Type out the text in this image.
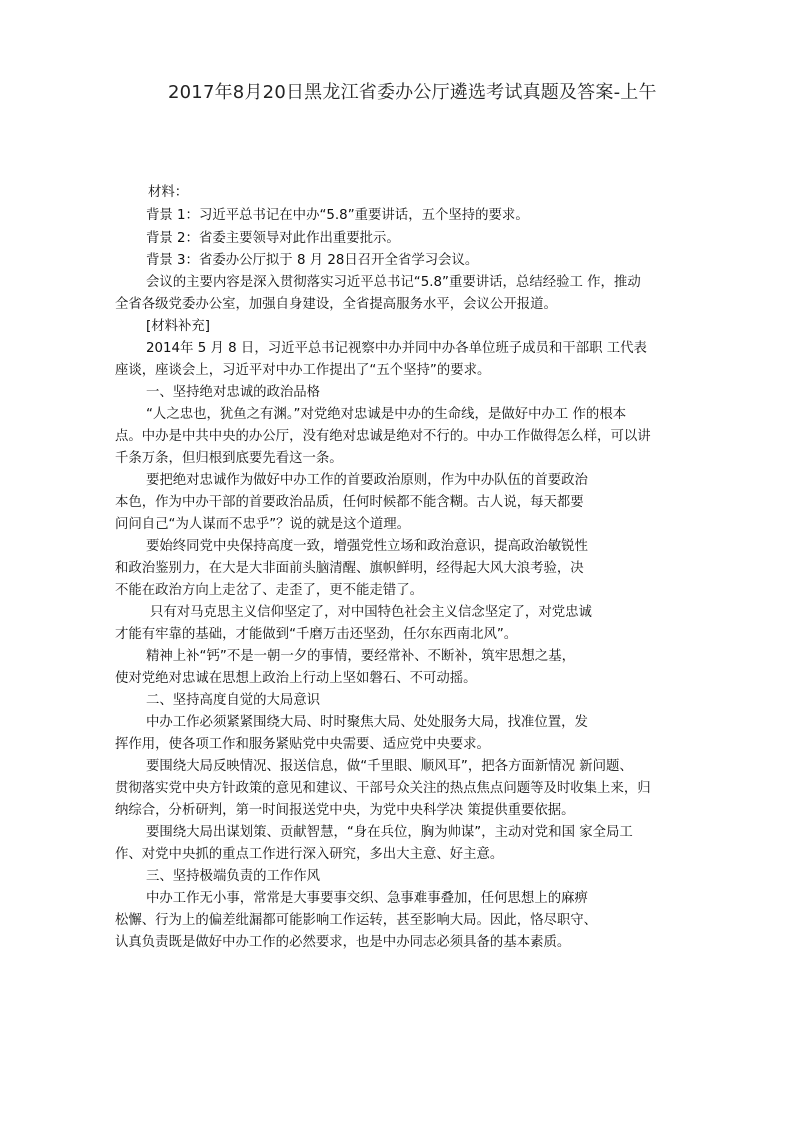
2017年8月20日黑龙江省委办公厅遴选考试真题及答案-上午
材料：
背景 1：习近平总书记在中办“5.8”重要讲话，五个坚持的要求。
背景 2：省委主要领导对此作出重要批示。
背景 3：省委办公厅拟于 8 月 28日召开全省学习会议。
会议的主要内容是深入贯彻落实习近平总书记“5.8”重要讲话，总结经验工 作，推动
全省各级党委办公室，加强自身建设，全省提高服务水平，会议公开报道。
[材料补充]
2014年 5 月 8 日，习近平总书记视察中办并同中办各单位班子成员和干部职 工代表
座谈，座谈会上，习近平对中办工作提出了“五个坚持”的要求。
一、坚持绝对忠诚的政治品格
“人之忠也，犹鱼之有渊。”对党绝对忠诚是中办的生命线，是做好中办工 作的根本
点。中办是中共中央的办公厅，没有绝对忠诚是绝对不行的。中办工作做得怎么样，可以讲
千条万条，但归根到底要先看这一条。
要把绝对忠诚作为做好中办工作的首要政治原则，作为中办队伍的首要政治
本色，作为中办干部的首要政治品质，任何时候都不能含糊。古人说，每天都要
问问自己“为人谋而不忠乎”？说的就是这个道理。
要始终同党中央保持高度一致，增强党性立场和政治意识，提高政治敏锐性
和政治鉴别力，在大是大非面前头脑清醒、旗帜鲜明，经得起大风大浪考验，决
不能在政治方向上走岔了、走歪了，更不能走错了。
只有对马克思主义信仰坚定了，对中国特色社会主义信念坚定了，对党忠诚
才能有牢靠的基础，才能做到“千磨万击还坚劲，任尔东西南北风”。
精神上补“钙”不是一朝一夕的事情，要经常补、不断补，筑牢思想之基，
使对党绝对忠诚在思想上政治上行动上坚如磐石、不可动摇。
二、坚持高度自觉的大局意识
中办工作必须紧紧围绕大局、时时聚焦大局、处处服务大局，找准位置，发
挥作用，使各项工作和服务紧贴党中央需要、适应党中央要求。
要围绕大局反映情况、报送信息，做“千里眼、顺风耳”，把各方面新情况 新问题、
贯彻落实党中央方针政策的意见和建议、干部号众关注的热点焦点问题等及时收集上来，归
纳综合，分析研判，第一时间报送党中央，为党中央科学决 策提供重要依据。
要围绕大局出谋划策、贡献智慧，“身在兵位，胸为帅谋”，主动对党和国 家全局工
作、对党中央抓的重点工作进行深入研究，多出大主意、好主意。
三、坚持极端负责的工作作风
中办工作无小事，常常是大事要事交织、急事难事叠加，任何思想上的麻痹
松懈、行为上的偏差纰漏都可能影响工作运转，甚至影响大局。因此，恪尽职守、
认真负责既是做好中办工作的必然要求，也是中办同志必须具备的基本素质。
